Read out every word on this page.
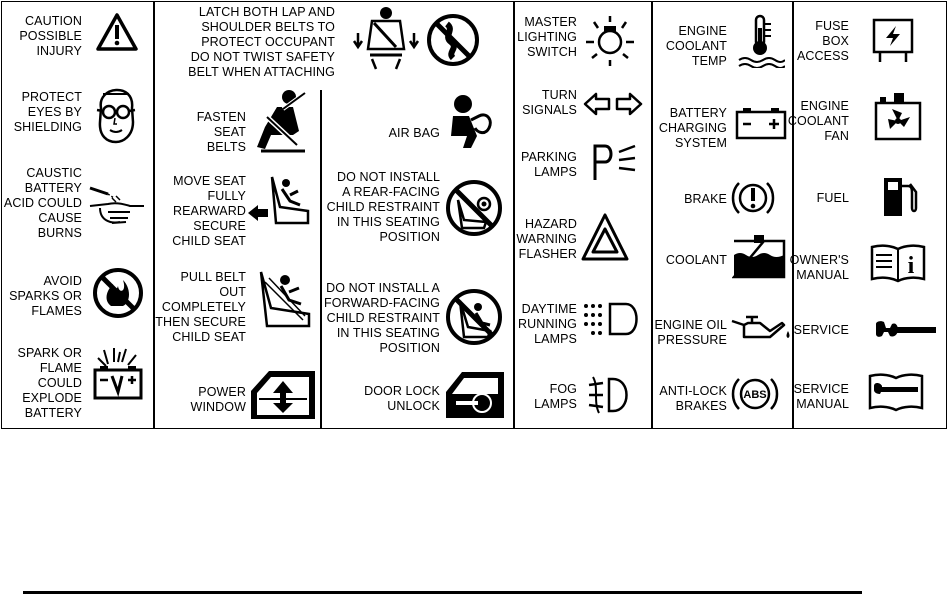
CAUTION
POSSIBLE
INJURY
PROTECT
EYES BY
SHIELDING
CAUSTIC
BATTERY
ACID COULD
CAUSE
BURNS
AVOID
SPARKS OR
FLAMES
SPARK OR
FLAME
COULD
EXPLODE
BATTERY
LATCH BOTH LAP AND
SHOULDER BELTS TO
PROTECT OCCUPANT
DO NOT TWIST SAFETY
BELT WHEN ATTACHING
FASTEN
SEAT
BELTS
MOVE SEAT
FULLY
REARWARD
SECURE
CHILD SEAT
PULL BELT
OUT
COMPLETELY
THEN SECURE
CHILD SEAT
POWER
WINDOW
AIR BAG
DO NOT INSTALL
A REAR-FACING
CHILD RESTRAINT
IN THIS SEATING
POSITION
DO NOT INSTALL A
FORWARD-FACING
CHILD RESTRAINT
IN THIS SEATING
POSITION
DOOR LOCK
UNLOCK
MASTER
LIGHTING
SWITCH
TURN
SIGNALS
PARKING
LAMPS
HAZARD
WARNING
FLASHER
DAYTIME
RUNNING
LAMPS
FOG
LAMPS
ENGINE
COOLANT
TEMP
BATTERY
CHARGING
SYSTEM
BRAKE
COOLANT
ENGINE OIL
PRESSURE
ANTI-LOCK
BRAKES
ABS
FUSE
BOX
ACCESS
ENGINE
COOLANT
FAN
FUEL
OWNER'S
MANUAL i
SERVICE
SERVICE
MANUAL
